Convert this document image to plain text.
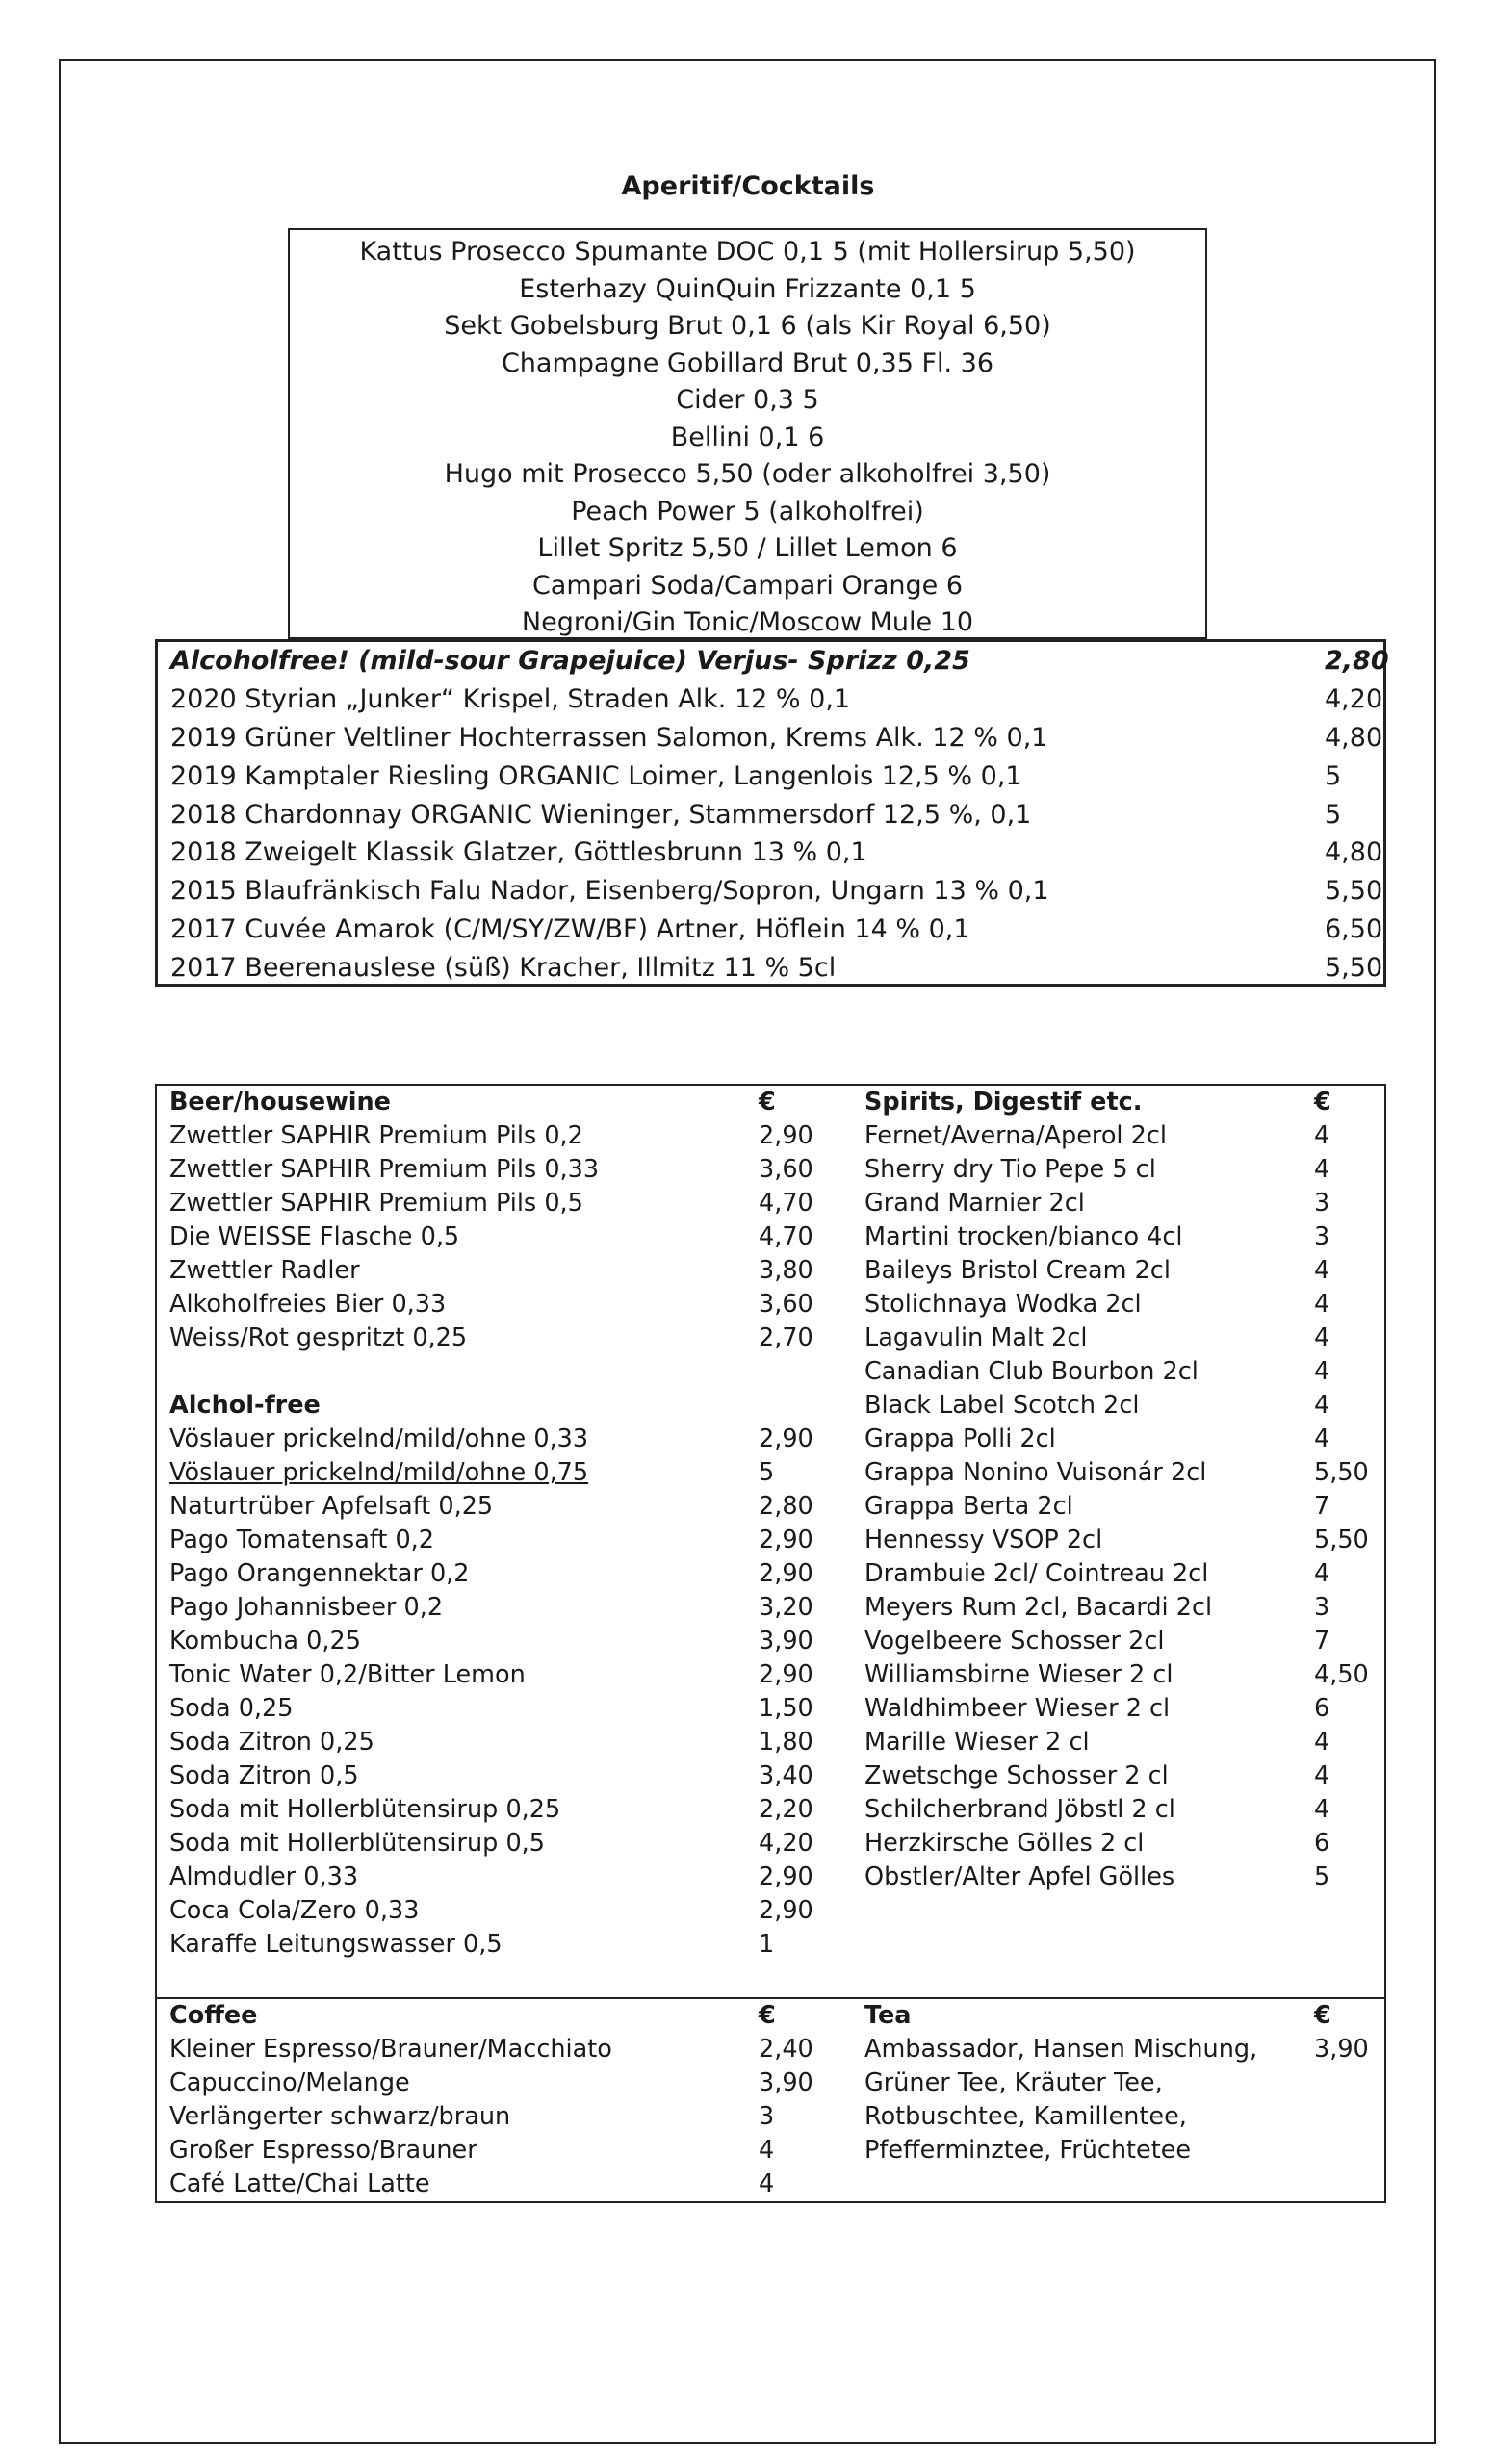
Aperitif/Cocktails
Kattus Prosecco Spumante DOC 0,1 5 (mit Hollersirup 5,50)
Esterhazy QuinQuin Frizzante 0,1 5
Sekt Gobelsburg Brut 0,1 6 (als Kir Royal 6,50)
Champagne Gobillard Brut 0,35 Fl. 36
Cider 0,3 5
Bellini 0,1 6
Hugo mit Prosecco 5,50 (oder alkoholfrei 3,50)
Peach Power 5 (alkoholfrei)
Lillet Spritz 5,50 / Lillet Lemon 6
Campari Soda/Campari Orange 6
Negroni/Gin Tonic/Moscow Mule 10
Alcoholfree! (mild-sour Grapejuice) Verjus- Sprizz 0,25	2,80
2020 Styrian „Junker“ Krispel, Straden Alk. 12 % 0,1	4,20
2019 Grüner Veltliner Hochterrassen Salomon, Krems Alk. 12 % 0,1	4,80
2019 Kamptaler Riesling ORGANIC Loimer, Langenlois 12,5 % 0,1	5
2018 Chardonnay ORGANIC Wieninger, Stammersdorf 12,5 %, 0,1	5
2018 Zweigelt Klassik Glatzer, Göttlesbrunn 13 % 0,1	4,80
2015 Blaufränkisch Falu Nador, Eisenberg/Sopron, Ungarn 13 % 0,1	5,50
2017 Cuvée Amarok (C/M/SY/ZW/BF) Artner, Höflein 14 % 0,1	6,50
2017 Beerenauslese (süß) Kracher, Illmitz 11 % 5cl	5,50
Beer/housewine	€
Zwettler SAPHIR Premium Pils 0,2	2,90
Zwettler SAPHIR Premium Pils 0,33	3,60
Zwettler SAPHIR Premium Pils 0,5	4,70
Die WEISSE Flasche 0,5	4,70
Zwettler Radler	3,80
Alkoholfreies Bier 0,33	3,60
Weiss/Rot gespritzt 0,25	2,70
Alchol-free
Vöslauer prickelnd/mild/ohne 0,33	2,90
Vöslauer prickelnd/mild/ohne 0,75	5
Naturtrüber Apfelsaft 0,25	2,80
Pago Tomatensaft 0,2	2,90
Pago Orangennektar 0,2	2,90
Pago Johannisbeer 0,2	3,20
Kombucha 0,25	3,90
Tonic Water 0,2/Bitter Lemon	2,90
Soda 0,25	1,50
Soda Zitron 0,25	1,80
Soda Zitron 0,5	3,40
Soda mit Hollerblütensirup 0,25	2,20
Soda mit Hollerblütensirup 0,5	4,20
Almdudler 0,33	2,90
Coca Cola/Zero 0,33	2,90
Karaffe Leitungswasser 0,5	1
Spirits, Digestif etc.	€
Fernet/Averna/Aperol 2cl	4
Sherry dry Tio Pepe 5 cl	4
Grand Marnier 2cl	3
Martini trocken/bianco 4cl	3
Baileys Bristol Cream 2cl	4
Stolichnaya Wodka 2cl	4
Lagavulin Malt 2cl	4
Canadian Club Bourbon 2cl	4
Black Label Scotch 2cl	4
Grappa Polli 2cl	4
Grappa Nonino Vuisonár 2cl	5,50
Grappa Berta 2cl	7
Hennessy VSOP 2cl	5,50
Drambuie 2cl/ Cointreau 2cl	4
Meyers Rum 2cl, Bacardi 2cl	3
Vogelbeere Schosser 2cl	7
Williamsbirne Wieser 2 cl	4,50
Waldhimbeer Wieser 2 cl	6
Marille Wieser 2 cl	4
Zwetschge Schosser 2 cl	4
Schilcherbrand Jöbstl 2 cl	4
Herzkirsche Gölles 2 cl	6
Obstler/Alter Apfel Gölles	5
Coffee	€
Kleiner Espresso/Brauner/Macchiato	2,40
Capuccino/Melange	3,90
Verlängerter schwarz/braun	3
Großer Espresso/Brauner	4
Café Latte/Chai Latte	4
Tea	€
Ambassador, Hansen Mischung, 3,90
Grüner Tee, Kräuter Tee,
Rotbuschtee, Kamillentee,
Pfefferminztee, Früchtetee
